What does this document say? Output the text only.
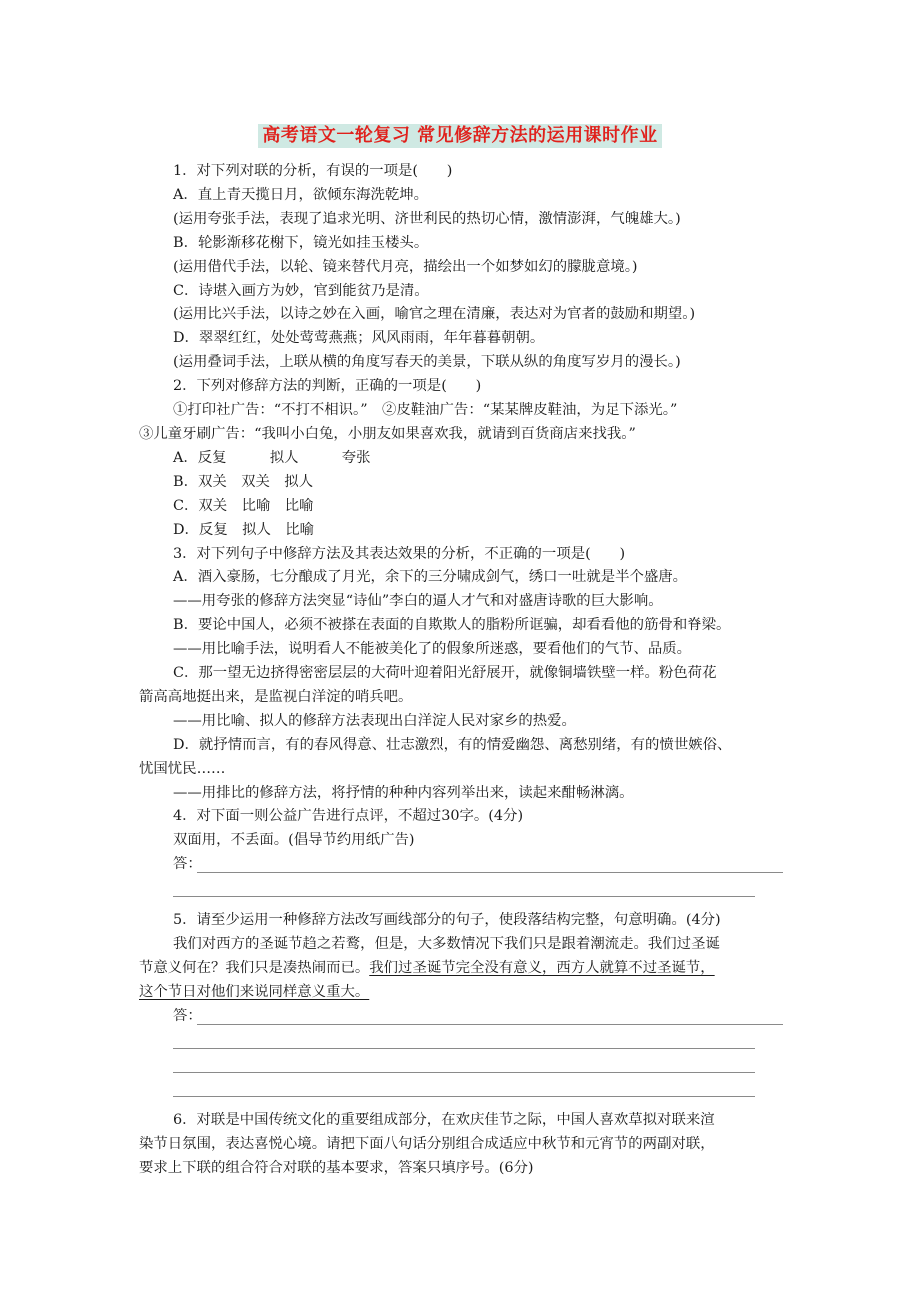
高考语文一轮复习 常见修辞方法的运用课时作业

1．对下列对联的分析，有误的一项是(　　)

A．直上青天揽日月，欲倾东海洗乾坤。

(运用夸张手法，表现了追求光明、济世利民的热切心情，激情澎湃，气魄雄大。)

B．轮影渐移花榭下，镜光如挂玉楼头。

(运用借代手法，以轮、镜来替代月亮，描绘出一个如梦如幻的朦胧意境。)

C．诗堪入画方为妙，官到能贫乃是清。

(运用比兴手法，以诗之妙在入画，喻官之理在清廉，表达对为官者的鼓励和期望。)

D．翠翠红红，处处莺莺燕燕；风风雨雨，年年暮暮朝朝。

(运用叠词手法，上联从横的角度写春天的美景，下联从纵的角度写岁月的漫长。)

2．下列对修辞方法的判断，正确的一项是(　　)

①打印社广告：“不打不相识。”　②皮鞋油广告：“某某牌皮鞋油，为足下添光。”

③儿童牙刷广告：“我叫小白兔，小朋友如果喜欢我，就请到百货商店来找我。”

A．反复　　　拟人　　　夸张

B．双关　双关　拟人

C．双关　比喻　比喻

D．反复　拟人　比喻

3．对下列句子中修辞方法及其表达效果的分析，不正确的一项是(　　)

A．酒入豪肠，七分酿成了月光，余下的三分啸成剑气，绣口一吐就是半个盛唐。

——用夸张的修辞方法突显“诗仙”李白的逼人才气和对盛唐诗歌的巨大影响。

B．要论中国人，必须不被搽在表面的自欺欺人的脂粉所诓骗，却看看他的筋骨和脊梁。

——用比喻手法，说明看人不能被美化了的假象所迷惑，要看他们的气节、品质。

C．那一望无边挤得密密层层的大荷叶迎着阳光舒展开，就像铜墙铁壁一样。粉色荷花

箭高高地挺出来，是监视白洋淀的哨兵吧。

——用比喻、拟人的修辞方法表现出白洋淀人民对家乡的热爱。

D．就抒情而言，有的春风得意、壮志激烈，有的情爱幽怨、离愁别绪，有的愤世嫉俗、

忧国忧民……

——用排比的修辞方法，将抒情的种种内容列举出来，读起来酣畅淋漓。

4．对下面一则公益广告进行点评，不超过30字。(4分)

双面用，不丢面。(倡导节约用纸广告)

答：

5．请至少运用一种修辞方法改写画线部分的句子，使段落结构完整，句意明确。(4分)

我们对西方的圣诞节趋之若鹜，但是，大多数情况下我们只是跟着潮流走。我们过圣诞

节意义何在？我们只是凑热闹而已。我们过圣诞节完全没有意义，西方人就算不过圣诞节，

这个节日对他们来说同样意义重大。

答：

6．对联是中国传统文化的重要组成部分，在欢庆佳节之际，中国人喜欢草拟对联来渲

染节日氛围，表达喜悦心境。请把下面八句话分别组合成适应中秋节和元宵节的两副对联，

要求上下联的组合符合对联的基本要求，答案只填序号。(6分)
